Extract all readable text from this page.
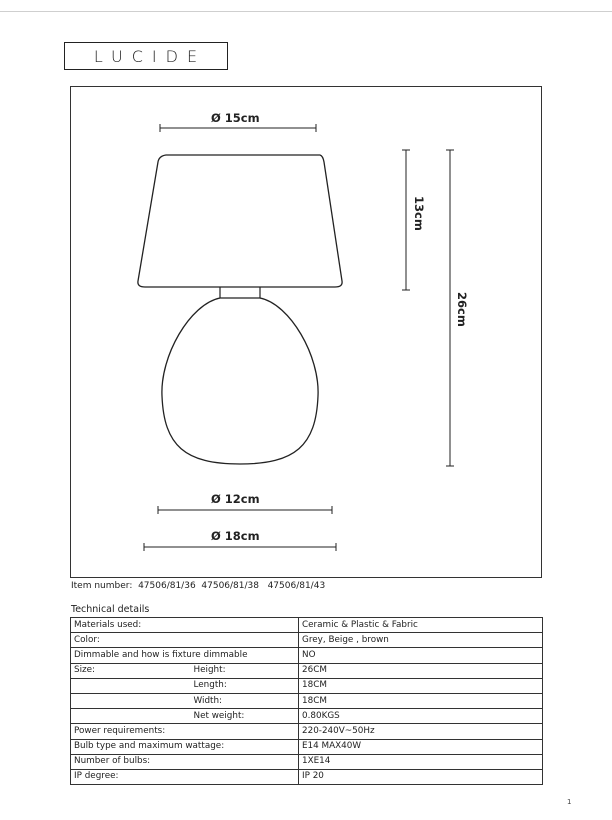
LUCIDE
Ø 15cm
13cm
26cm
Ø 12cm
Ø 18cm
Item number:  47506/81/36  47506/81/38   47506/81/43
Technical details
Materials used:		Ceramic & Plastic & Fabric
Color:		Grey, Beige , brown
Dimmable and how is fixture dimmable		NO
Size:	Height:	26CM
	Length:	18CM
	Width:	18CM
	Net weight:	0.80KGS
Power requirements:		220-240V~50Hz
Bulb type and maximum wattage:		E14 MAX40W
Number of bulbs:		1XE14
IP degree:		IP 20
1
